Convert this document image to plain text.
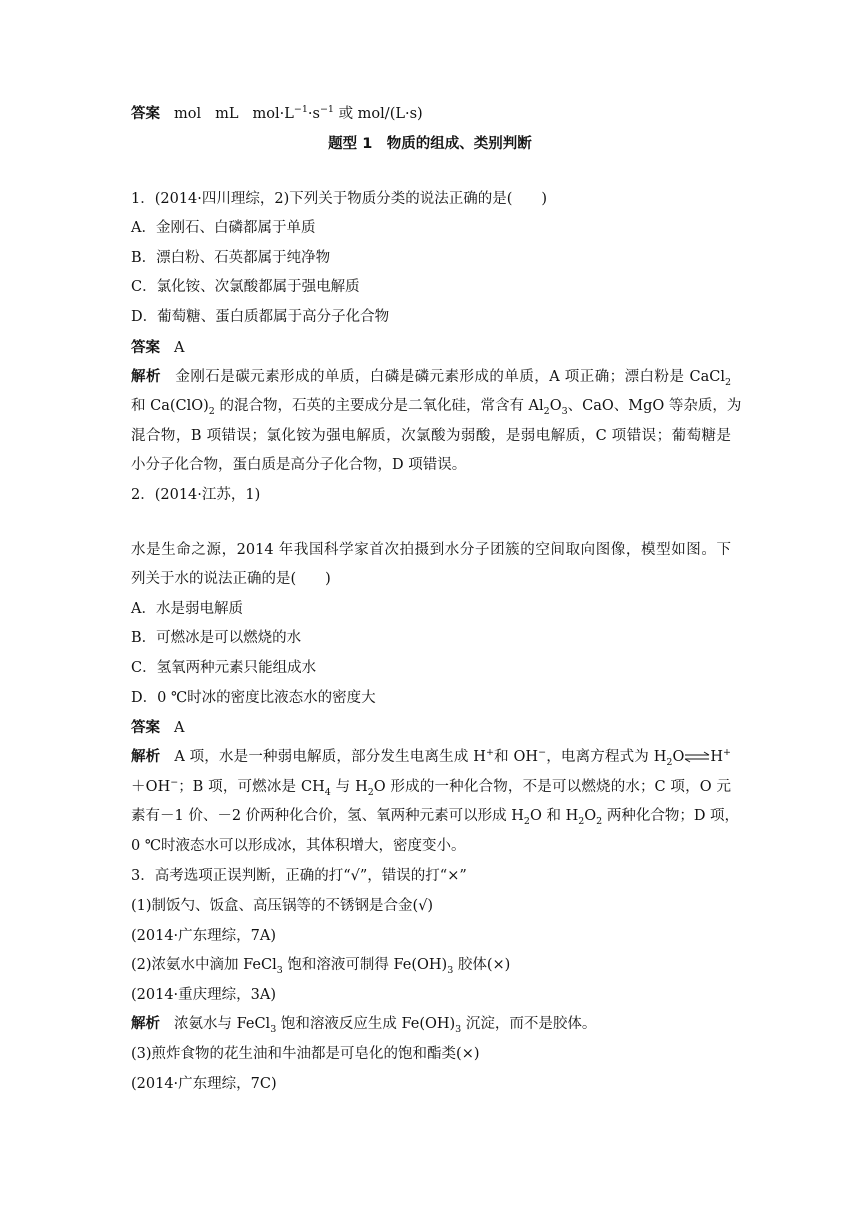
答案 mol mL $mol\cdot L^{-1}\cdot s^{-1}$ 或 mol/(L·s)
题型 1　物质的组成、类别判断
1．(2014·四川理综，2)下列关于物质分类的说法正确的是(　　)
A．金刚石、白磷都属于单质
B．漂白粉、石英都属于纯净物
C．氯化铵、次氯酸都属于强电解质
D．葡萄糖、蛋白质都属于高分子化合物
答案 A
解析 金刚石是碳元素形成的单质，白磷是磷元素形成的单质，A 项正确；漂白粉是 CaCl$_2$
和 $Ca(ClO)_2$ 的混合物，石英的主要成分是二氧化硅，常含有 $Al_2O_3$、CaO、MgO 等杂质，为
混合物，B 项错误；氯化铵为强电解质，次氯酸为弱酸，是弱电解质，C 项错误；葡萄糖是
小分子化合物，蛋白质是高分子化合物，D 项错误。
2．(2014·江苏，1)
水是生命之源，2014 年我国科学家首次拍摄到水分子团簇的空间取向图像，模型如图。下
列关于水的说法正确的是(　　)
A．水是弱电解质
B．可燃冰是可以燃烧的水
C．氢氧两种元素只能组成水
D．0 ℃时冰的密度比液态水的密度大
答案 A
解析 A 项，水是一种弱电解质，部分发生电离生成 H+和 OH−，电离方程式为 $H_2O\rightleftharpoons H^+$
＋OH−；B 项，可燃冰是 $CH_4$ 与 $H_2O$ 形成的一种化合物，不是可以燃烧的水；C 项，O 元
素有－1 价、－2 价两种化合价，氢、氧两种元素可以形成 $H_2O$ 和 $H_2O_2$ 两种化合物；D 项，
0 ℃时液态水可以形成冰，其体积增大，密度变小。
3．高考选项正误判断，正确的打“√”，错误的打“×”
(1)制饭勺、饭盒、高压锅等的不锈钢是合金(√)
(2014·广东理综，7A)
(2)浓氨水中滴加 FeCl$_3$ 饱和溶液可制得 $Fe(OH)_3$ 胶体(×)
(2014·重庆理综，3A)
解析 浓氨水与 FeCl$_3$ 饱和溶液反应生成 $Fe(OH)_3$ 沉淀，而不是胶体。
(3)煎炸食物的花生油和牛油都是可皂化的饱和酯类(×)
(2014·广东理综，7C)
